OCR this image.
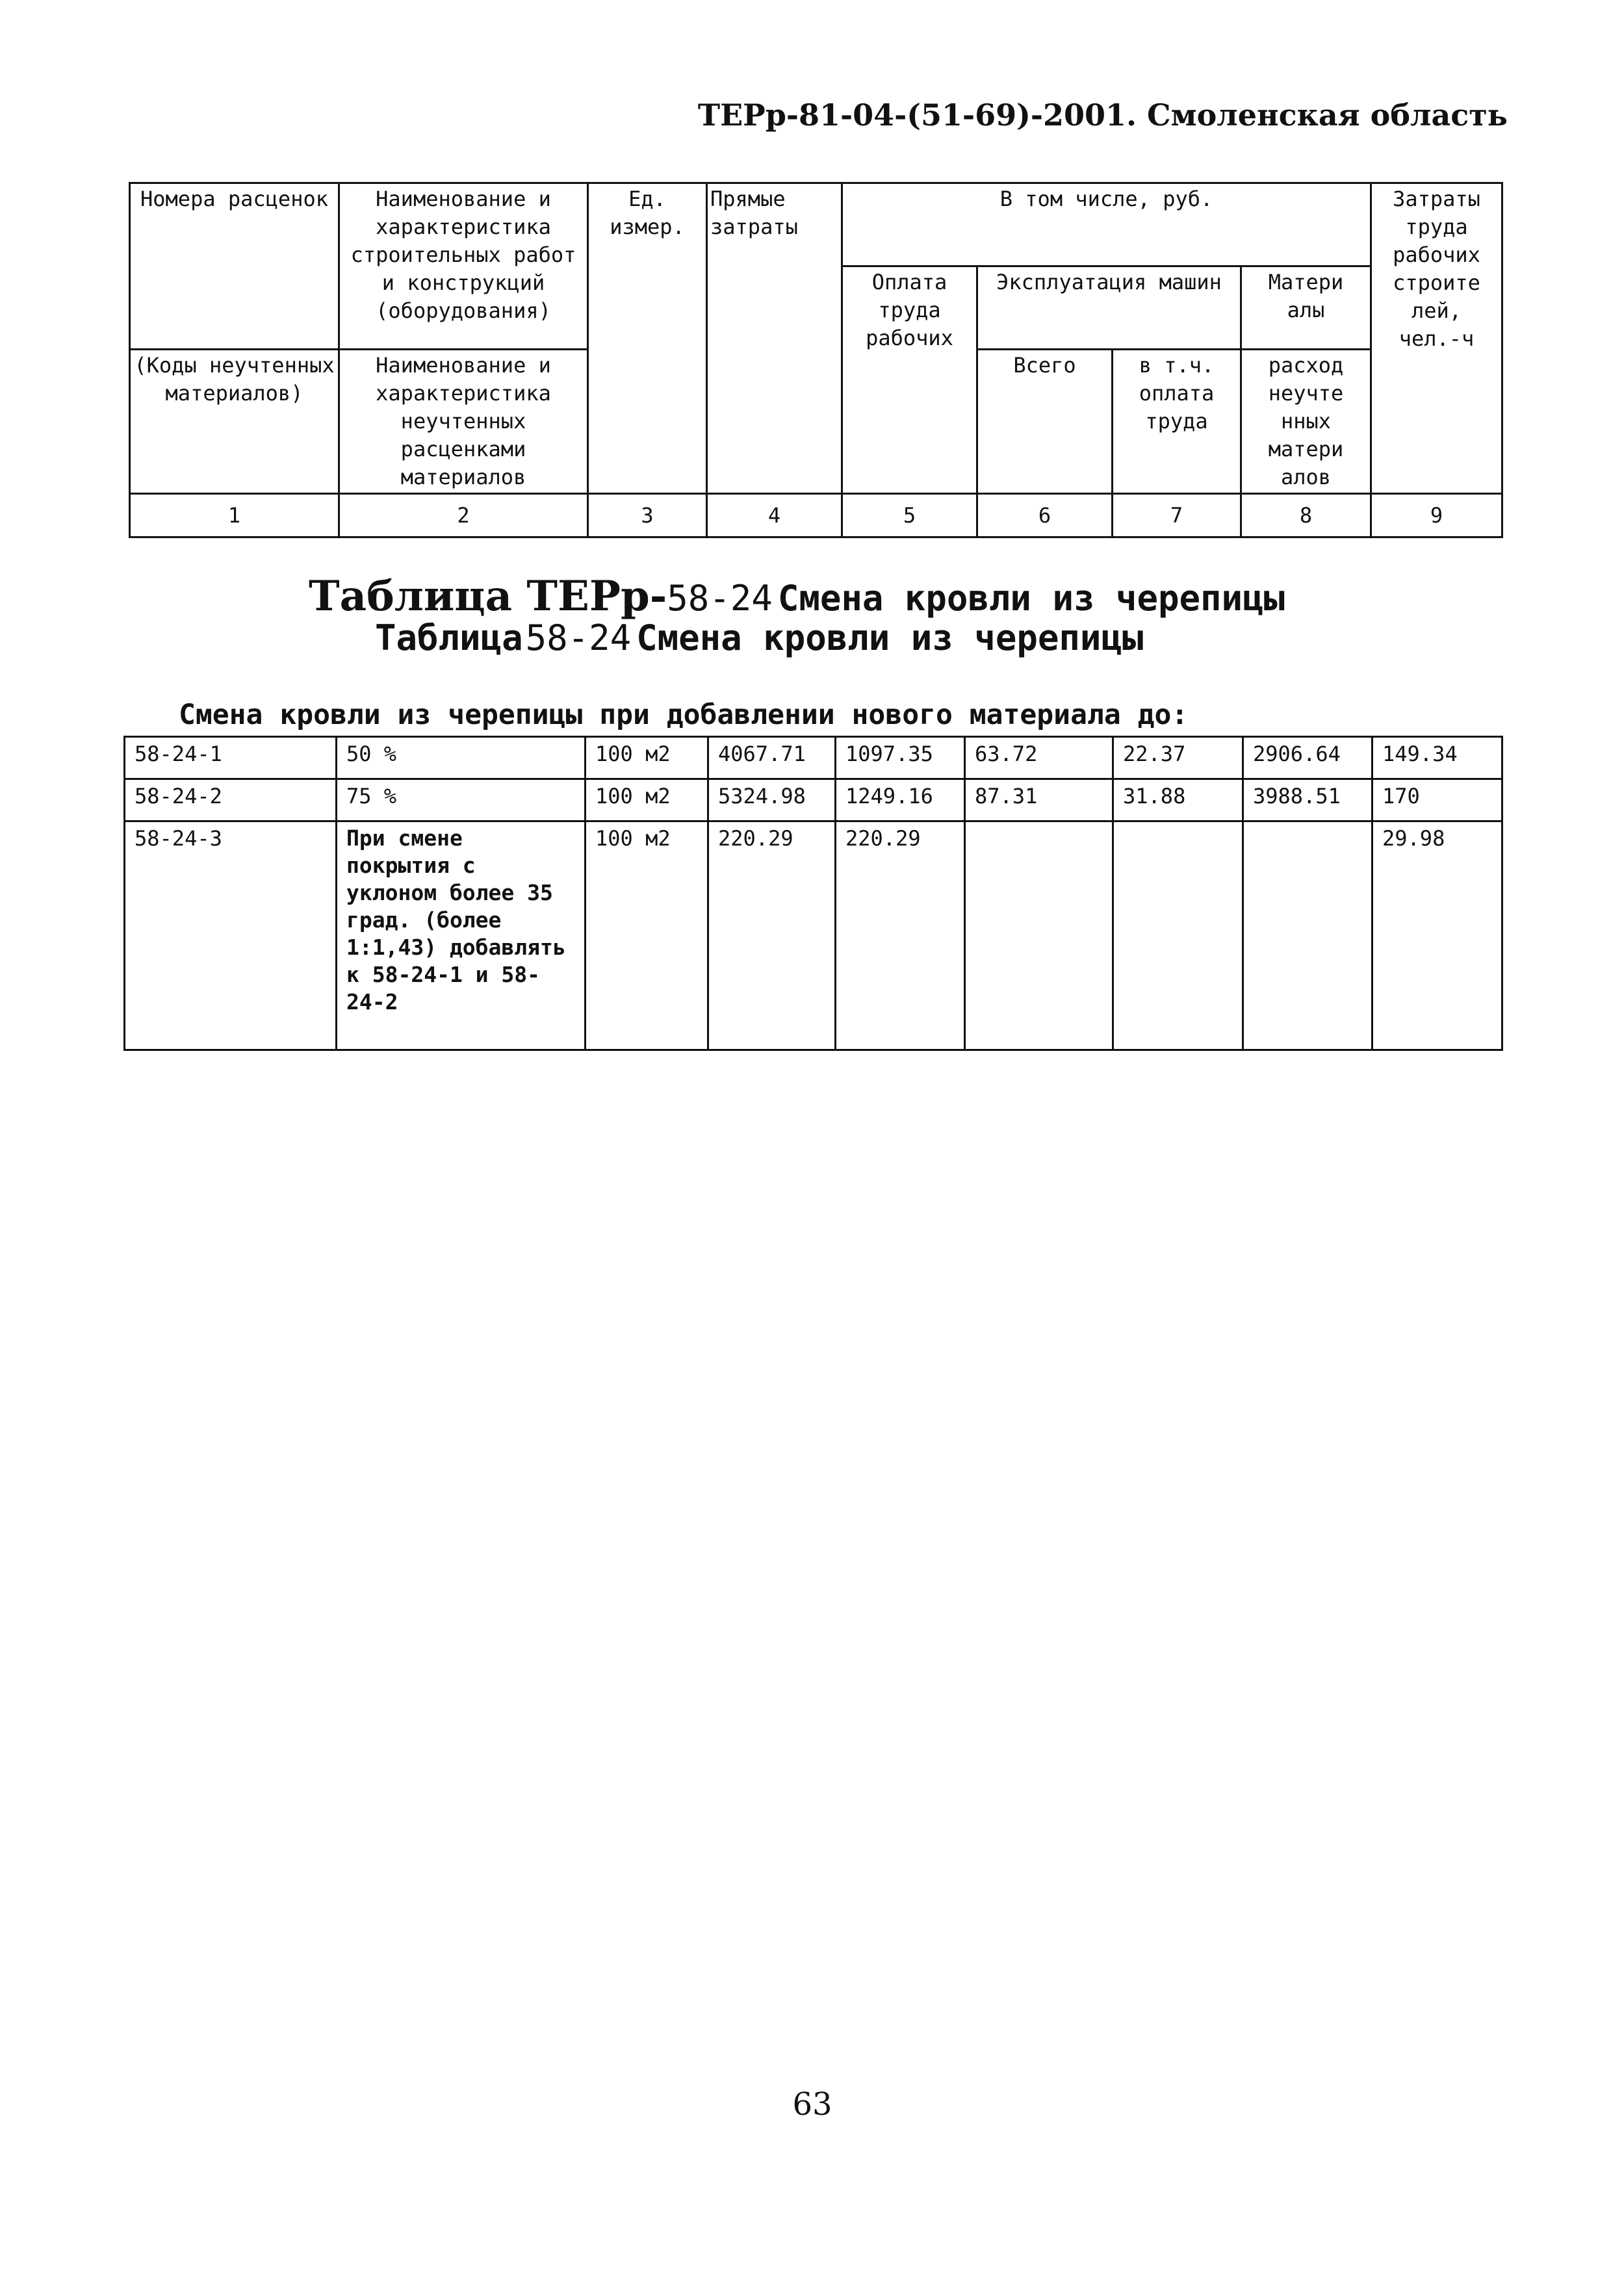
ТЕРр-81-04-(51-69)-2001. Смоленская область
Номера расценок	Наименование и характеристика строительных работ и конструкций (оборудования)	Ед. измер.	Прямые затраты	В том числе, руб.				Затраты труда рабочих строите лей, чел.-ч

				Оплата труда рабочих	Эксплуатация машин		Матери алы	

(Коды неучтенных материалов)	Наименование и характеристика неучтенных расценками материалов				Всего	в т.ч. оплата труда	расход неучте нных матери алов	

1	2	3	4	5	6	7	8	9
Таблица ТЕРр-58-24 Смена кровли из черепицы
Таблица 58-24 Смена кровли из черепицы
Смена кровли из черепицы при добавлении нового материала до:
58-24-1	50 %	100 м2	4067.71	1097.35	63.72	22.37	2906.64	149.34

58-24-2	75 %	100 м2	5324.98	1249.16	87.31	31.88	3988.51	170

58-24-3	При смене покрытия с уклоном более 35 град. (более 1:1,43) добавлять к 58-24-1 и 58-24-2	100 м2	220.29	220.29				29.98
63
